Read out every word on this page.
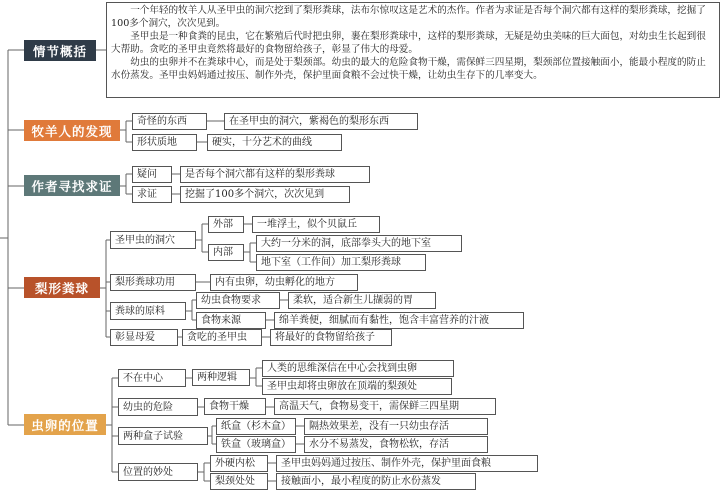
情节概括
牧羊人的发现
作者寻找求证
梨形粪球
虫卵的位置
一个年轻的牧羊人从圣甲虫的洞穴挖到了梨形粪球，法布尔惊叹这是艺术的杰作。作者为求证是否每个洞穴都有这样的梨形粪球，挖掘了100多个洞穴，次次见到。
圣甲虫是一种食粪的昆虫，它在繁殖后代时把虫卵，裹在梨形粪球中，这样的梨形粪球，无疑是幼虫美味的巨大面包，对幼虫生长起到很大帮助。贪吃的圣甲虫竟然将最好的食物留给孩子，彰显了伟大的母爱。
幼虫的虫卵并不在粪球中心，而是处于梨颈部。幼虫的最大的危险食物干燥，需保鲜三四星期，梨颈部位置接触面小，能最小程度的防止水份蒸发。圣甲虫妈妈通过按压、制作外壳，保护里面食粮不会过快干燥，让幼虫生存下的几率变大。
奇怪的东西	在圣甲虫的洞穴，紫褐色的梨形东西
形状质地	硬实，十分艺术的曲线
疑问	是否每个洞穴都有这样的梨形粪球
求证	挖掘了100多个洞穴，次次见到
圣甲虫的洞穴
外部	一堆浮土，似个贝鼠丘
内部
大约一分米的洞，底部拳头大的地下室
地下室（工作间）加工梨形粪球
梨形粪球功用	内有虫卵，幼虫孵化的地方
粪球的原料
幼虫食物要求	柔软，适合新生儿撷弱的胃
食物来源	绵羊粪便，细腻而有黏性，饱含丰富营养的汁液
彰显母爱	贪吃的圣甲虫	将最好的食物留给孩子
不在中心	两种逻辑
人类的思维深信在中心会找到虫卵
圣甲虫却将虫卵放在顶端的梨颈处
幼虫的危险	食物干燥	高温天气，食物易变干，需保鲜三四星期
两种盒子试验
纸盒（杉木盒）	隔热效果差，没有一只幼虫存活
铁盒（玻璃盒）	水分不易蒸发，食物松软，存活
位置的妙处
外硬内松	圣甲虫妈妈通过按压、制作外壳，保护里面食粮
梨颈处处	接触面小，最小程度的防止水份蒸发
